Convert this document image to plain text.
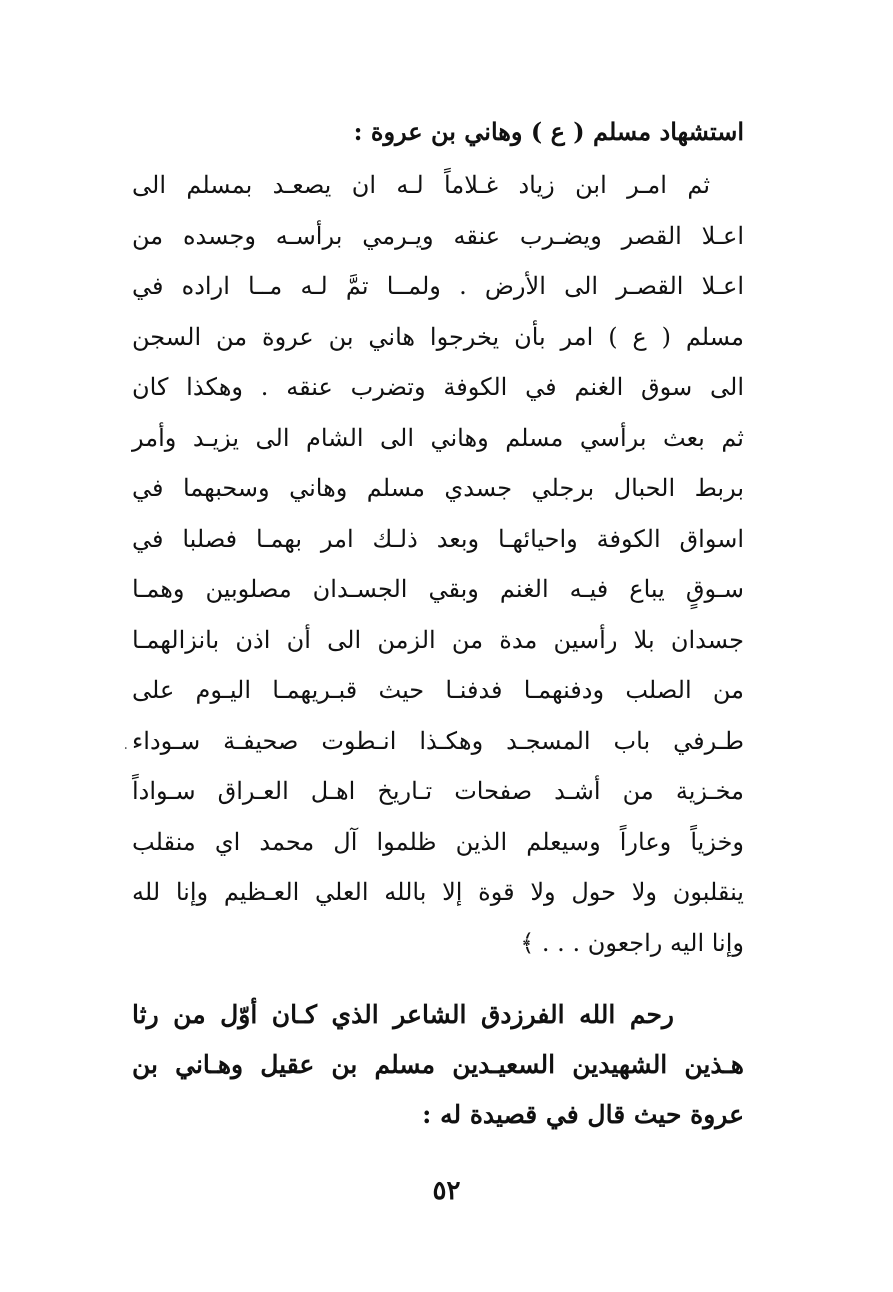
استشهاد مسلم ( ع ) وهاني بن عروة :
ثم امـر ابن زياد غـلاماً لـه ان يصعـد بمسلم الى
اعـلا القصر ويضـرب عنقه ويـرمي برأسـه وجسده من
اعـلا القصـر الى الأرض . ولمــا تمَّ لـه مــا اراده في
مسلم ( ع ) امر بأن يخرجوا هاني بن عروة من السجن
الى سوق الغنم في الكوفة وتضرب عنقه . وهكذا كان
ثم بعث برأسي مسلم وهاني الى الشام الى يزيـد وأمر
بربط الحبال برجلي جسدي مسلم وهاني وسحبهما في
اسواق الكوفة واحيائهـا وبعد ذلـك امر بهمـا فصلبا في
سـوقٍ يباع فيـه الغنم وبقي الجسـدان مصلوبين وهمـا
جسدان بلا رأسين مدة من الزمن الى أن اذن بانزالهمـا
من الصلب ودفنهمـا فدفنـا حيث قبـريهمـا اليـوم على
طـرفي باب المسجـد وهكـذا انـطوت صحيفـة سـوداء
مخـزية من أشـد صفحات تـاريخ اهـل العـراق سـواداً
وخزياً وعاراً وسيعلم الذين ظلموا آل محمد اي منقلب
ينقلبون ولا حول ولا قوة إلا بالله العلي العـظيم وإنا لله
وإنا اليه راجعون . . . ﴾
٠
رحم الله الفرزدق الشاعر الذي كـان أوّل من رثا
هـذين الشهيدين السعيـدين مسلم بن عقيل وهـاني بن
عروة حيث قال في قصيدة له :
٥٢
